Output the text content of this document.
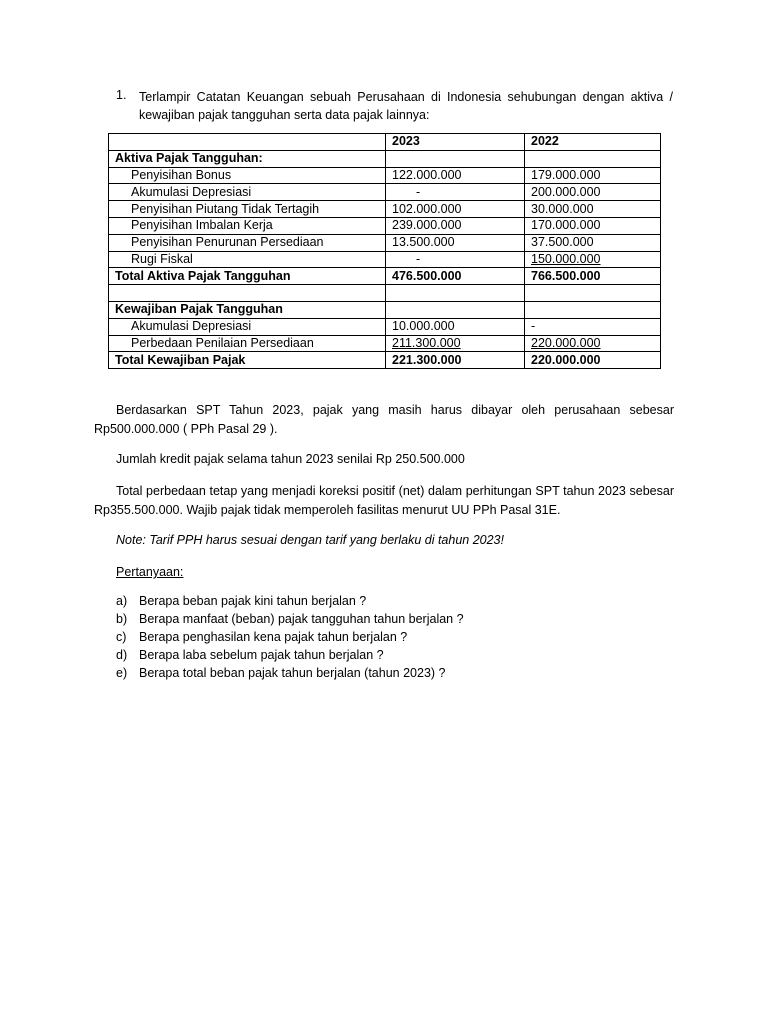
1. Terlampir Catatan Keuangan sebuah Perusahaan di Indonesia sehubungan dengan aktiva / kewajiban pajak tangguhan serta data pajak lainnya:
	2023	2022
Aktiva Pajak Tangguhan:		
Penyisihan Bonus	122.000.000	179.000.000
Akumulasi Depresiasi	-	200.000.000
Penyisihan Piutang Tidak Tertagih	102.000.000	30.000.000
Penyisihan Imbalan Kerja	239.000.000	170.000.000
Penyisihan Penurunan Persediaan	13.500.000	37.500.000
Rugi Fiskal	-	150.000.000
Total Aktiva Pajak Tangguhan	476.500.000	766.500.000

Kewajiban Pajak Tangguhan		
Akumulasi Depresiasi	10.000.000	-
Perbedaan Penilaian Persediaan	211.300.000	220.000.000
Total Kewajiban Pajak	221.300.000	220.000.000
Berdasarkan SPT Tahun 2023, pajak yang masih harus dibayar oleh perusahaan sebesar Rp500.000.000 ( PPh Pasal 29 ).
Jumlah kredit pajak selama tahun 2023 senilai Rp 250.500.000
Total perbedaan tetap yang menjadi koreksi positif (net) dalam perhitungan SPT tahun 2023 sebesar Rp355.500.000. Wajib pajak tidak memperoleh fasilitas menurut UU PPh Pasal 31E.
Note: Tarif PPH harus sesuai dengan tarif yang berlaku di tahun 2023!
Pertanyaan:
a) Berapa beban pajak kini tahun berjalan ?
b) Berapa manfaat (beban) pajak tangguhan tahun berjalan ?
c) Berapa penghasilan kena pajak tahun berjalan ?
d) Berapa laba sebelum pajak tahun berjalan ?
e) Berapa total beban pajak tahun berjalan (tahun 2023) ?
